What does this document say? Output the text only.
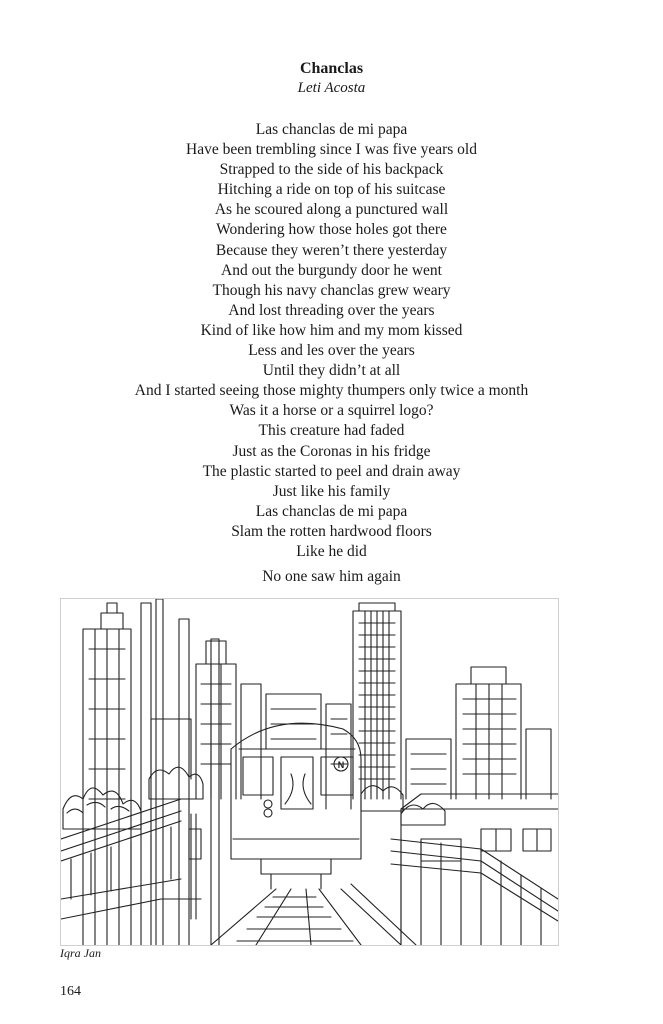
Chanclas
Leti Acosta
Las chanclas de mi papa
Have been trembling since I was five years old
Strapped to the side of his backpack
Hitching a ride on top of his suitcase
As he scoured along a punctured wall
Wondering how those holes got there
Because they weren’t there yesterday
And out the burgundy door he went
Though his navy chanclas grew weary
And lost threading over the years
Kind of like how him and my mom kissed
Less and les over the years
Until they didn’t at all
And I started seeing those mighty thumpers only twice a month
Was it a horse or a squirrel logo?
This creature had faded
Just as the Coronas in his fridge
The plastic started to peel and drain away
Just like his family
Las chanclas de mi papa
Slam the rotten hardwood floors
Like he did
No one saw him again
N
Iqra Jan
164
